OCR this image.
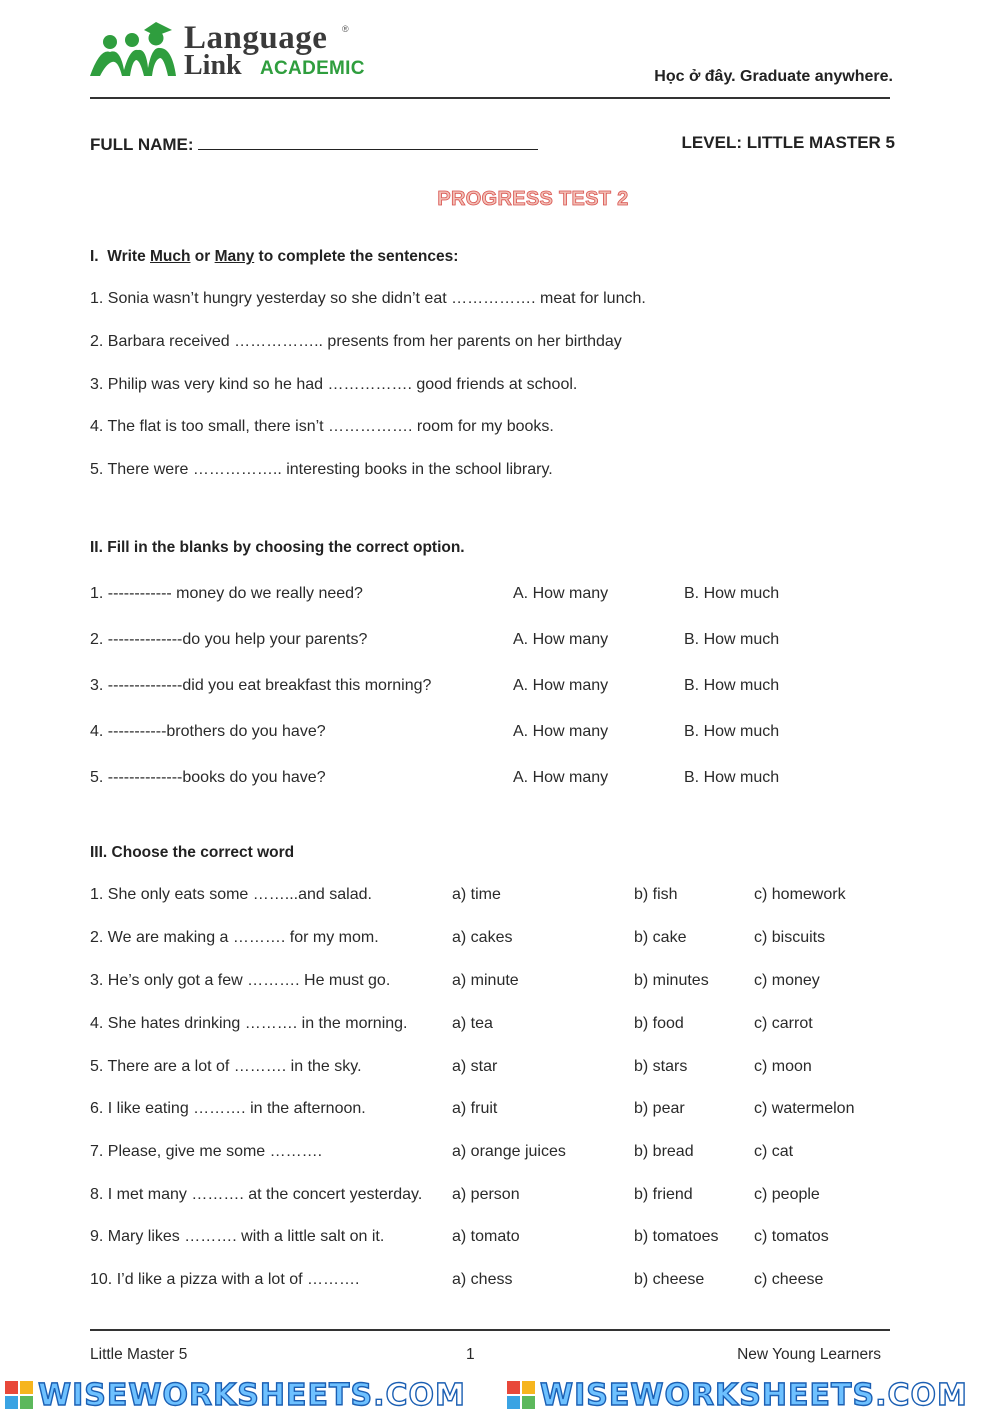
Language
Link ACADEMIC
®
Học ở đây. Graduate anywhere.
FULL NAME:	LEVEL: LITTLE MASTER 5
PROGRESS TEST 2
I.  Write Much or Many to complete the sentences:
1. Sonia wasn’t hungry yesterday so she didn’t eat ……………. meat for lunch.
2. Barbara received …………….. presents from her parents on her birthday
3. Philip was very kind so he had ……………. good friends at school.
4. The flat is too small, there isn’t ……………. room for my books.
5. There were …………….. interesting books in the school library.
II. Fill in the blanks by choosing the correct option.
1. ------------ money do we really need?	A. How many	B. How much
2. --------------do you help your parents?	A. How many	B. How much
3. --------------did you eat breakfast this morning?	A. How many	B. How much
4. -----------brothers do you have?	A. How many	B. How much
5. --------------books do you have?	A. How many	B. How much
III. Choose the correct word
1. She only eats some ……...and salad.	a) time	b) fish	c) homework
2. We are making a ………. for my mom.	a) cakes	b) cake	c) biscuits
3. He’s only got a few ………. He must go.	a) minute	b) minutes	c) money
4. She hates drinking ………. in the morning.	a) tea	b) food	c) carrot
5. There are a lot of ………. in the sky.	a) star	b) stars	c) moon
6. I like eating ………. in the afternoon.	a) fruit	b) pear	c) watermelon
7. Please, give me some ……….	a) orange juices	b) bread	c) cat
8. I met many ………. at the concert yesterday. a) person	b) friend	c) people
9. Mary likes ………. with a little salt on it.	a) tomato	b) tomatoes c) tomatos
10. I’d like a pizza with a lot of ……….	a) chess	b) cheese	c) cheese
Little Master 5	1	New Young Learners
WISEWORKSHEETS.COM WISEWORKSHEETS.COM
